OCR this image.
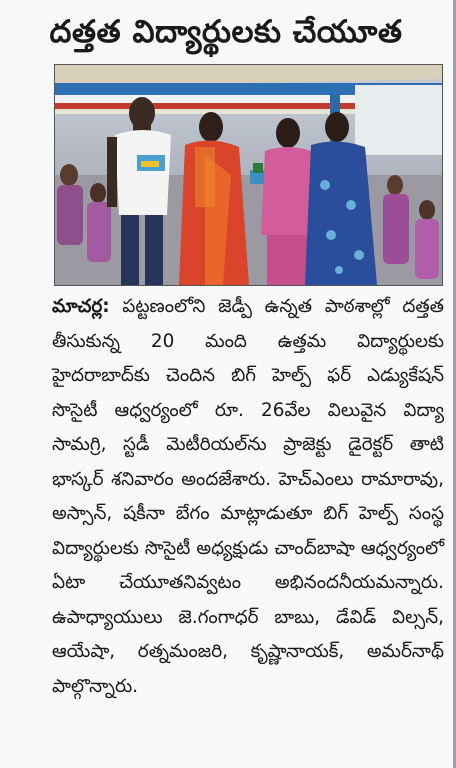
దత్తత విద్యార్థులకు చేయూత

మాచర్ల: పట్టణంలోని జెడ్పీ ఉన్నత పాఠశాల్లో దత్తత తీసుకున్న 20 మంది ఉత్తమ విద్యార్థులకు హైదరాబాద్‌కు చెందిన బిగ్ హెల్ప్ ఫర్ ఎడ్యుకేషన్ సొసైటీ ఆధ్వర్యంలో రూ. 26వేల విలువైన విద్యా సామగ్రి, స్టడీ మెటీరియల్‌ను ప్రాజెక్టు డైరెక్టర్ తాటి భాస్కర్ శనివారం అందజేశారు. హెచ్‌ఎంలు రామారావు, అస్సాన్, షకీనా బేగం మాట్లాడుతూ బిగ్ హెల్ప్ సంస్థ విద్యార్థులకు సొసైటీ అధ్యక్షుడు చాంద్‌బాషా ఆధ్వర్యంలో ఏటా చేయూతనివ్వటం అభినందనీయమన్నారు. ఉపాధ్యాయులు జె.గంగాధర్ బాబు, డేవిడ్ విల్సన్, ఆయేషా, రత్నమంజరి, కృష్ణానాయక్, అమర్‌నాథ్ పాల్గొన్నారు.
